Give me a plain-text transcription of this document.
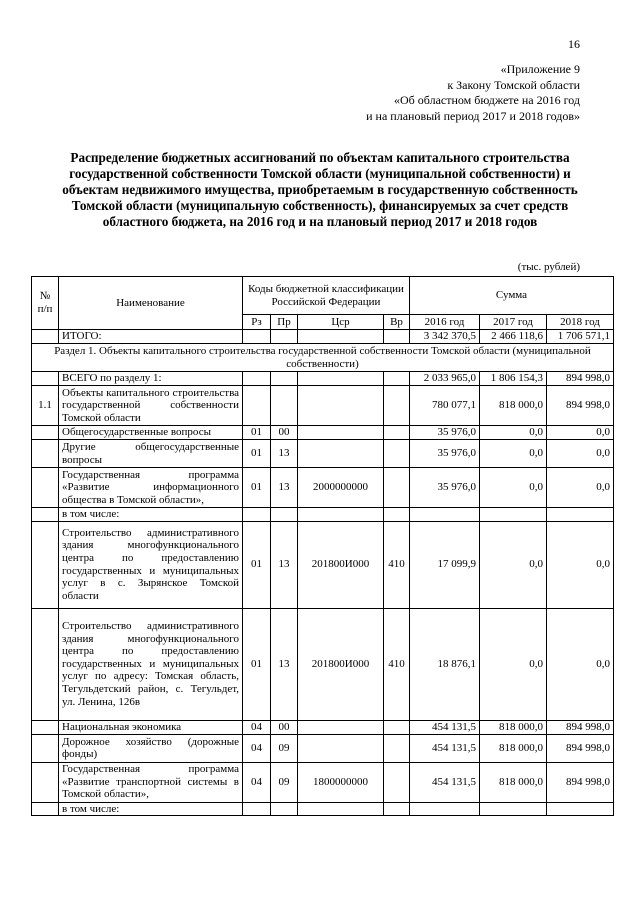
16
«Приложение 9
к Закону Томской области
«Об областном бюджете на 2016 год
и на плановый период 2017 и 2018 годов»
Распределение бюджетных ассигнований по объектам капитального строительства государственной собственности Томской области (муниципальной собственности) и объектам недвижимого имущества, приобретаемым в государственную собственность Томской области (муниципальную собственность), финансируемых за счет средств областного бюджета, на 2016 год и на плановый период 2017 и 2018 годов
(тыс. рублей)
№ п/п	Наименование	Коды бюджетной классификации Российской Федерации				Сумма		
		Рз	Пр	Цср	Вр	2016 год	2017 год	2018 год
	ИТОГО:					3 342 370,5	2 466 118,6	1 706 571,1
Раздел 1. Объекты капитального строительства государственной собственности Томской области (муниципальной собственности)								
	ВСЕГО по разделу 1:					2 033 965,0	1 806 154,3	894 998,0
1.1	Объекты капитального строительства государственной собственности Томской области					780 077,1	818 000,0	894 998,0
	Общегосударственные вопросы	01	00			35 976,0	0,0	0,0
	Другие общегосударственные вопросы	01	13			35 976,0	0,0	0,0
	Государственная программа «Развитие информационного общества в Томской области»,	01	13	2000000000		35 976,0	0,0	0,0
	в том числе:							
	Строительство административного здания многофункционального центра по предоставлению государственных и муниципальных услуг в с. Зырянское Томской области	01	13	201800И000	410	17 099,9	0,0	0,0
	Строительство административного здания многофункционального центра по предоставлению государственных и муниципальных услуг по адресу: Томская область, Тегульдетский район, с. Тегульдет, ул. Ленина, 126в	01	13	201800И000	410	18 876,1	0,0	0,0
	Национальная экономика	04	00			454 131,5	818 000,0	894 998,0
	Дорожное хозяйство (дорожные фонды)	04	09			454 131,5	818 000,0	894 998,0
	Государственная программа «Развитие транспортной системы в Томской области»,	04	09	1800000000		454 131,5	818 000,0	894 998,0
	в том числе:							
